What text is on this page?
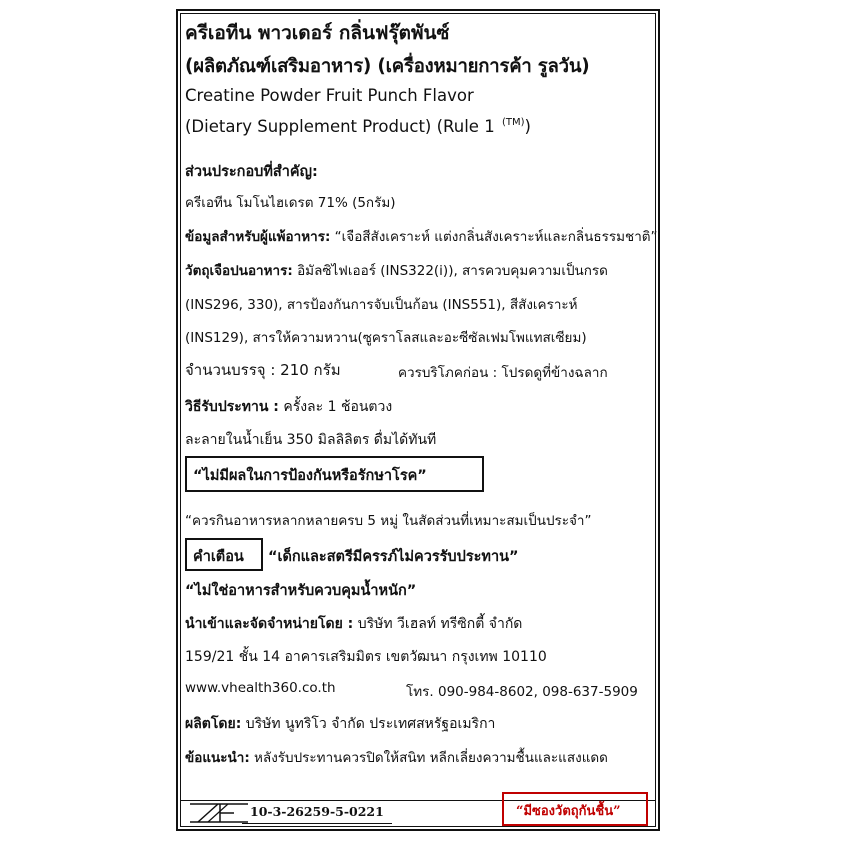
ครีเอทีน พาวเดอร์ กลิ่นฟรุ๊ตพันซ์
(ผลิตภัณฑ์เสริมอาหาร) (เครื่องหมายการค้า รูลวัน)
Creatine Powder Fruit Punch Flavor
(Dietary Supplement Product) (Rule 1 $^{(TM)}$)
ส่วนประกอบที่สำคัญ:
ครีเอทีน โมโนไฮเดรต 71% (5กรัม)
ข้อมูลสำหรับผู้แพ้อาหาร: “เจือสีสังเคราะห์ แต่งกลิ่นสังเคราะห์และกลิ่นธรรมชาติ”
วัตถุเจือปนอาหาร: อิมัลซิไฟเออร์ (INS322(i)), สารควบคุมความเป็นกรด
(INS296, 330), สารป้องกันการจับเป็นก้อน (INS551), สีสังเคราะห์
(INS129), สารให้ความหวาน(ซูคราโลสและอะซีซัลเฟมโพแทสเซียม)
จำนวนบรรจุ : 210 กรัม	ควรบริโภคก่อน : โปรดดูที่ข้างฉลาก
วิธีรับประทาน : ครั้งละ 1 ช้อนตวง
ละลายในน้ำเย็น 350 มิลลิลิตร ดื่มได้ทันที
“ไม่มีผลในการป้องกันหรือรักษาโรค”
“ควรกินอาหารหลากหลายครบ 5 หมู่ ในสัดส่วนที่เหมาะสมเป็นประจำ”
คำเตือน “เด็กและสตรีมีครรภ์ไม่ควรรับประทาน”
“ไม่ใช่อาหารสำหรับควบคุมน้ำหนัก”
นำเข้าและจัดจำหน่ายโดย : บริษัท วีเฮลท์ ทรีซิกตี้ จำกัด
159/21 ชั้น 14 อาคารเสริมมิตร เขตวัฒนา กรุงเทพ 10110
www.vhealth360.co.th	โทร. 090-984-8602, 098-637-5909
ผลิตโดย: บริษัท นูทริโว จำกัด ประเทศสหรัฐอเมริกา
ข้อแนะนำ: หลังรับประทานควรปิดให้สนิท หลีกเลี่ยงความชื้นและแสงแดด
10-3-26259-5-0221	“มีซองวัตถุกันชื้น”
